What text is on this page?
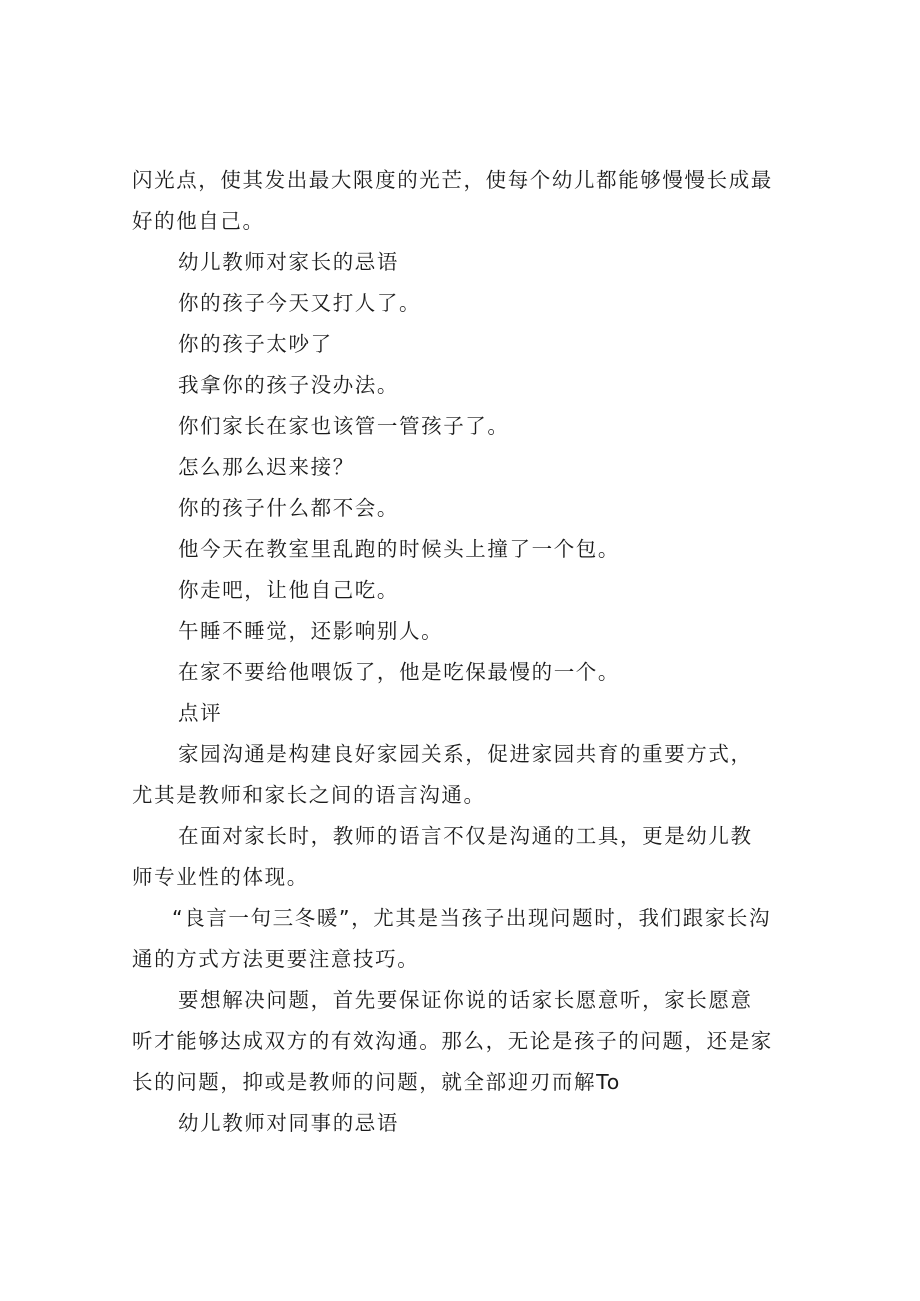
闪光点，使其发出最大限度的光芒，使每个幼儿都能够慢慢长成最好的他自己。

幼儿教师对家长的忌语

你的孩子今天又打人了。

你的孩子太吵了

我拿你的孩子没办法。

你们家长在家也该管一管孩子了。

怎么那么迟来接？

你的孩子什么都不会。

他今天在教室里乱跑的时候头上撞了一个包。

你走吧，让他自己吃。

午睡不睡觉，还影响别人。

在家不要给他喂饭了，他是吃保最慢的一个。

点评

家园沟通是构建良好家园关系，促进家园共育的重要方式，尤其是教师和家长之间的语言沟通。

在面对家长时，教师的语言不仅是沟通的工具，更是幼儿教师专业性的体现。

“良言一句三冬暖”，尤其是当孩子出现问题时，我们跟家长沟通的方式方法更要注意技巧。

要想解决问题，首先要保证你说的话家长愿意听，家长愿意听才能够达成双方的有效沟通。那么，无论是孩子的问题，还是家长的问题，抑或是教师的问题，就全部迎刃而解To

幼儿教师对同事的忌语
